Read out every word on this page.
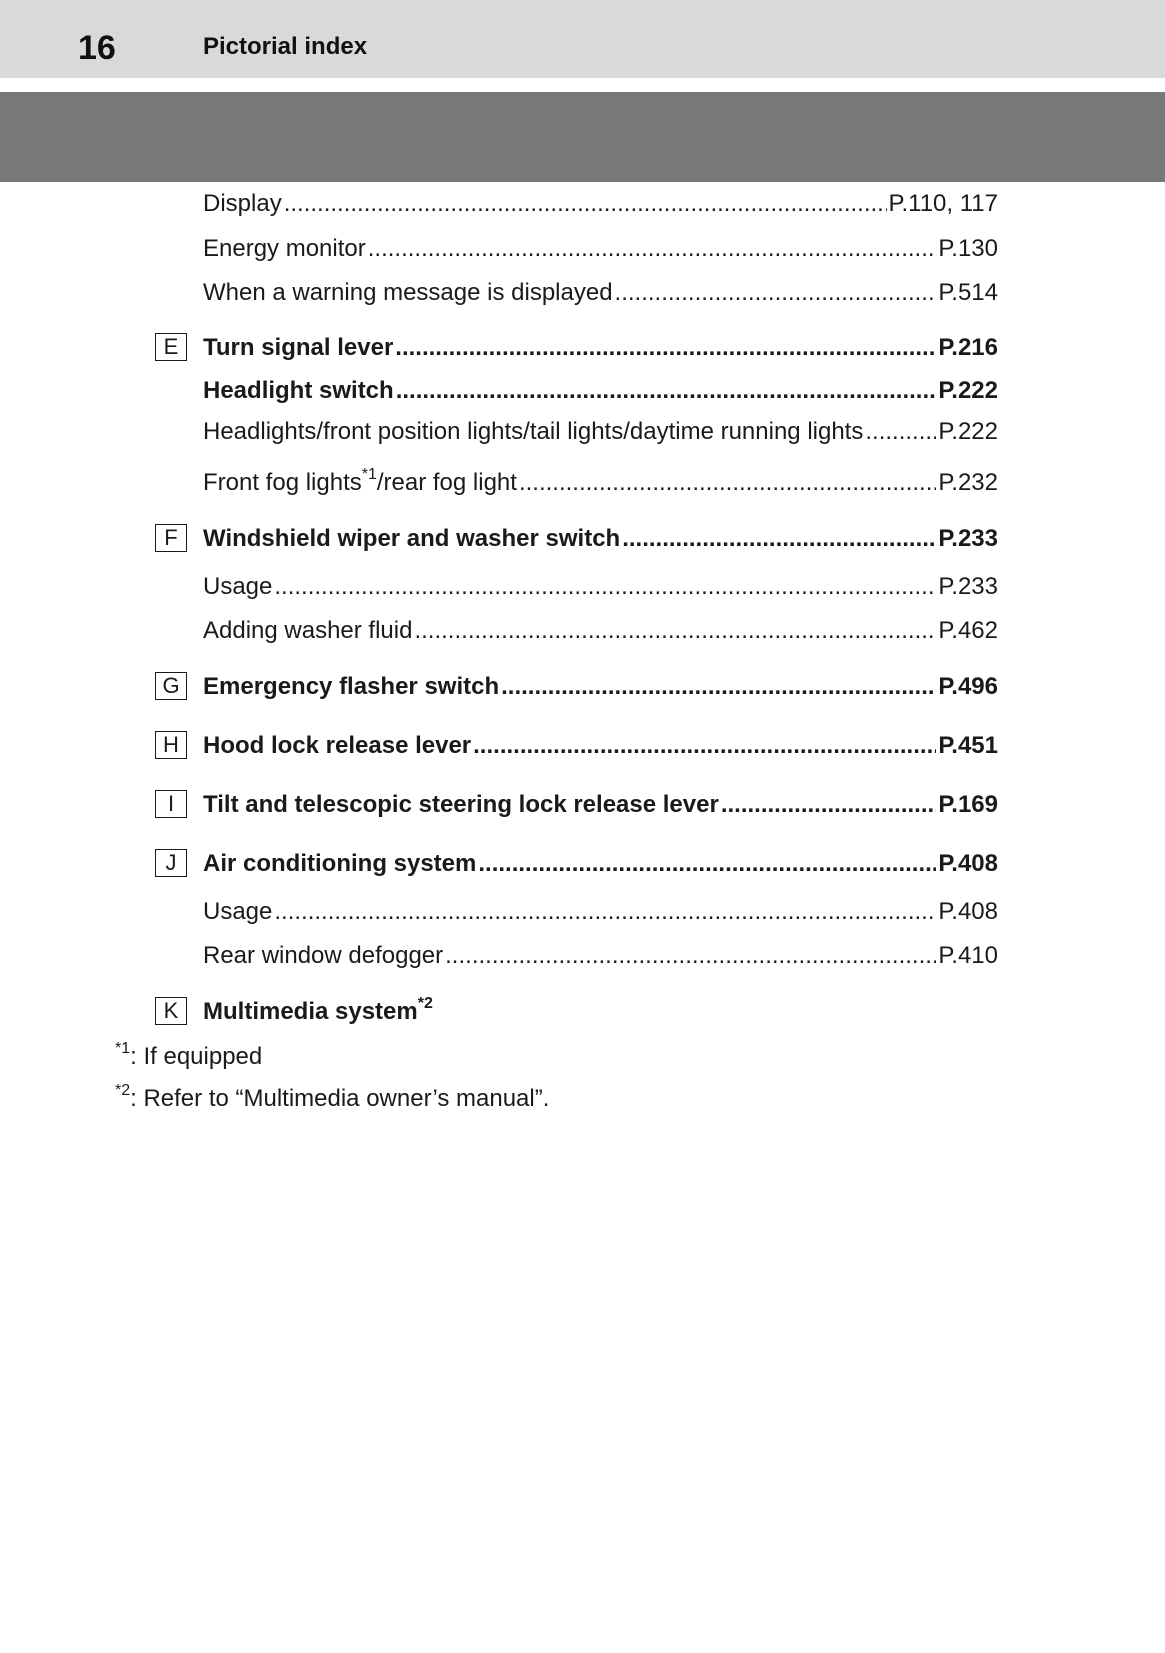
16	Pictorial index
Display .....	P.110, 117
Energy monitor .....	P.130
When a warning message is displayed .....	P.514
E	Turn signal lever .....	P.216
Headlight switch .....	P.222
Headlights/front position lights/tail lights/daytime running lights .....	P.222
Front fog lights$^{*1}$/rear fog light .....	P.232
F	Windshield wiper and washer switch .....	P.233
Usage .....	P.233
Adding washer fluid .....	P.462
G Emergency flasher switch .....	P.496
H	Hood lock release lever .....	P.451
I	Tilt and telescopic steering lock release lever .....	P.169
J	Air conditioning system .....	P.408
Usage .....	P.408
Rear window defogger .....	P.410
K	Multimedia system$^{*2}$
$^{*1}$: If equipped
$^{*2}$: Refer to “Multimedia owner’s manual”.
